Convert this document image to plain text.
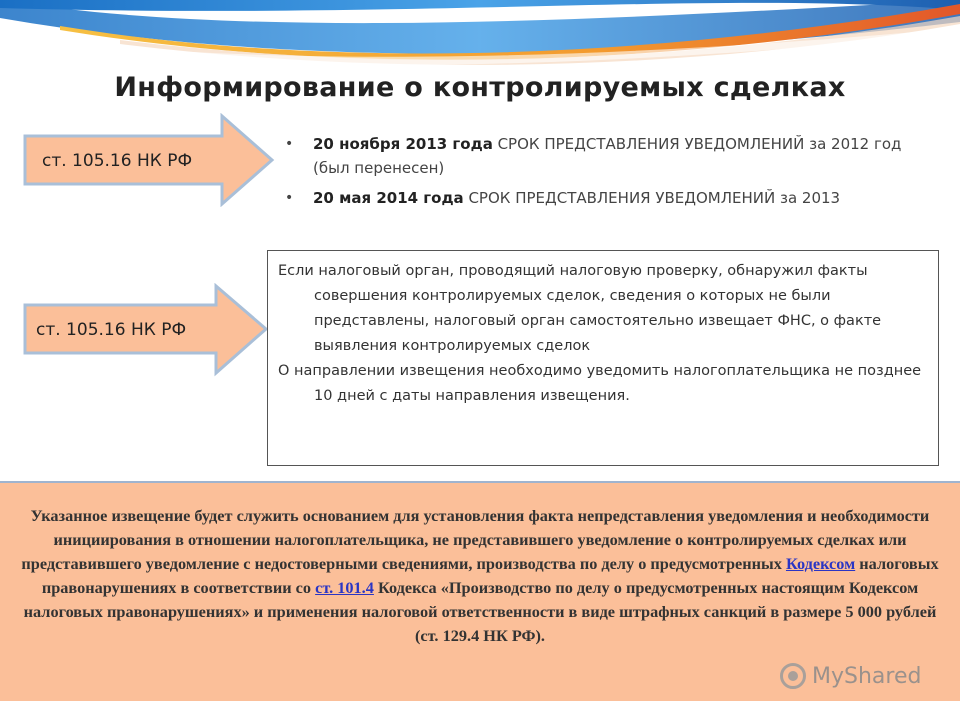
Информирование о контролируемых сделках
ст. 105.16 НК РФ
ст. 105.16 НК РФ
• 20 ноября 2013 года СРОК ПРЕДСТАВЛЕНИЯ УВЕДОМЛЕНИЙ за 2012 год (был перенесен)
• 20 мая 2014 года СРОК ПРЕДСТАВЛЕНИЯ УВЕДОМЛЕНИЙ за 2013

Если налоговый орган, проводящий налоговую проверку, обнаружил факты совершения контролируемых сделок, сведения о которых не были представлены, налоговый орган самостоятельно извещает ФНС, о факте выявления контролируемых сделок

О направлении извещения необходимо уведомить налогоплательщика не позднее 10 дней с даты направления извещения.

Указанное извещение будет служить основанием для установления факта непредставления уведомления и необходимости инициирования в отношении налогоплательщика, не представившего уведомление о контролируемых сделках или представившего уведомление с недостоверными сведениями, производства по делу о предусмотренных Кодексом налоговых правонарушениях в соответствии со ст. 101.4 Кодекса «Производство по делу о предусмотренных настоящим Кодексом налоговых правонарушениях» и применения налоговой ответственности в виде штрафных санкций в размере 5 000 рублей (ст. 129.4 НК РФ).
MyShared
